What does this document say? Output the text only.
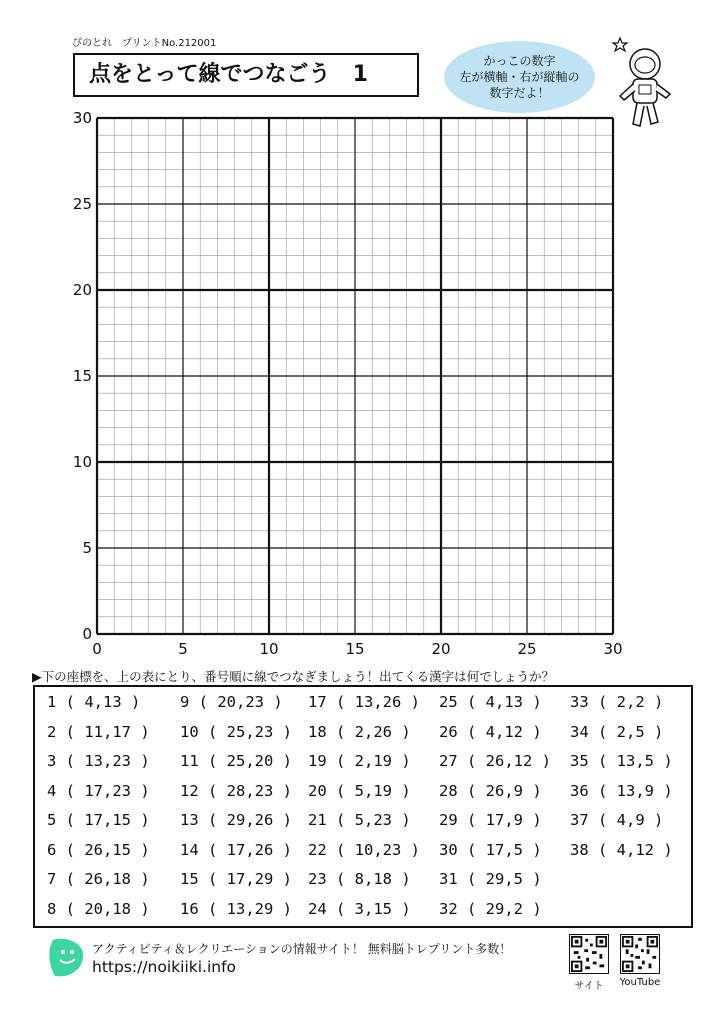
ぴのとれ　プリントNo.212001
点をとって線でつなごう 1
かっこの数字
左が横軸・右が縦軸の
数字だよ！
0	5	10	15	20	25	30
0
5
10
15
20
25
30
▶下の座標を、上の表にとり、番号順に線でつなぎましょう！出てくる漢字は何でしょうか？
1 ( 4,13 )
2 ( 11,17 )
3 ( 13,23 )
4 ( 17,23 )
5 ( 17,15 )
6 ( 26,15 )
7 ( 26,18 )
8 ( 20,18 )
9 ( 20,23 )
10 ( 25,23 )
11 ( 25,20 )
12 ( 28,23 )
13 ( 29,26 )
14 ( 17,26 )
15 ( 17,29 )
16 ( 13,29 )
17 ( 13,26 )
18 ( 2,26 )
19 ( 2,19 )
20 ( 5,19 )
21 ( 5,23 )
22 ( 10,23 )
23 ( 8,18 )
24 ( 3,15 )
25 ( 4,13 )
26 ( 4,12 )
27 ( 26,12 )
28 ( 26,9 )
29 ( 17,9 )
30 ( 17,5 )
31 ( 29,5 )
32 ( 29,2 )
33 ( 2,2 )
34 ( 2,5 )
35 ( 13,5 )
36 ( 13,9 )
37 ( 4,9 )
38 ( 4,12 )
アクティビティ＆レクリエーションの情報サイト！ 無料脳トレプリント多数！
https://noikiiki.info
サイト	YouTube
